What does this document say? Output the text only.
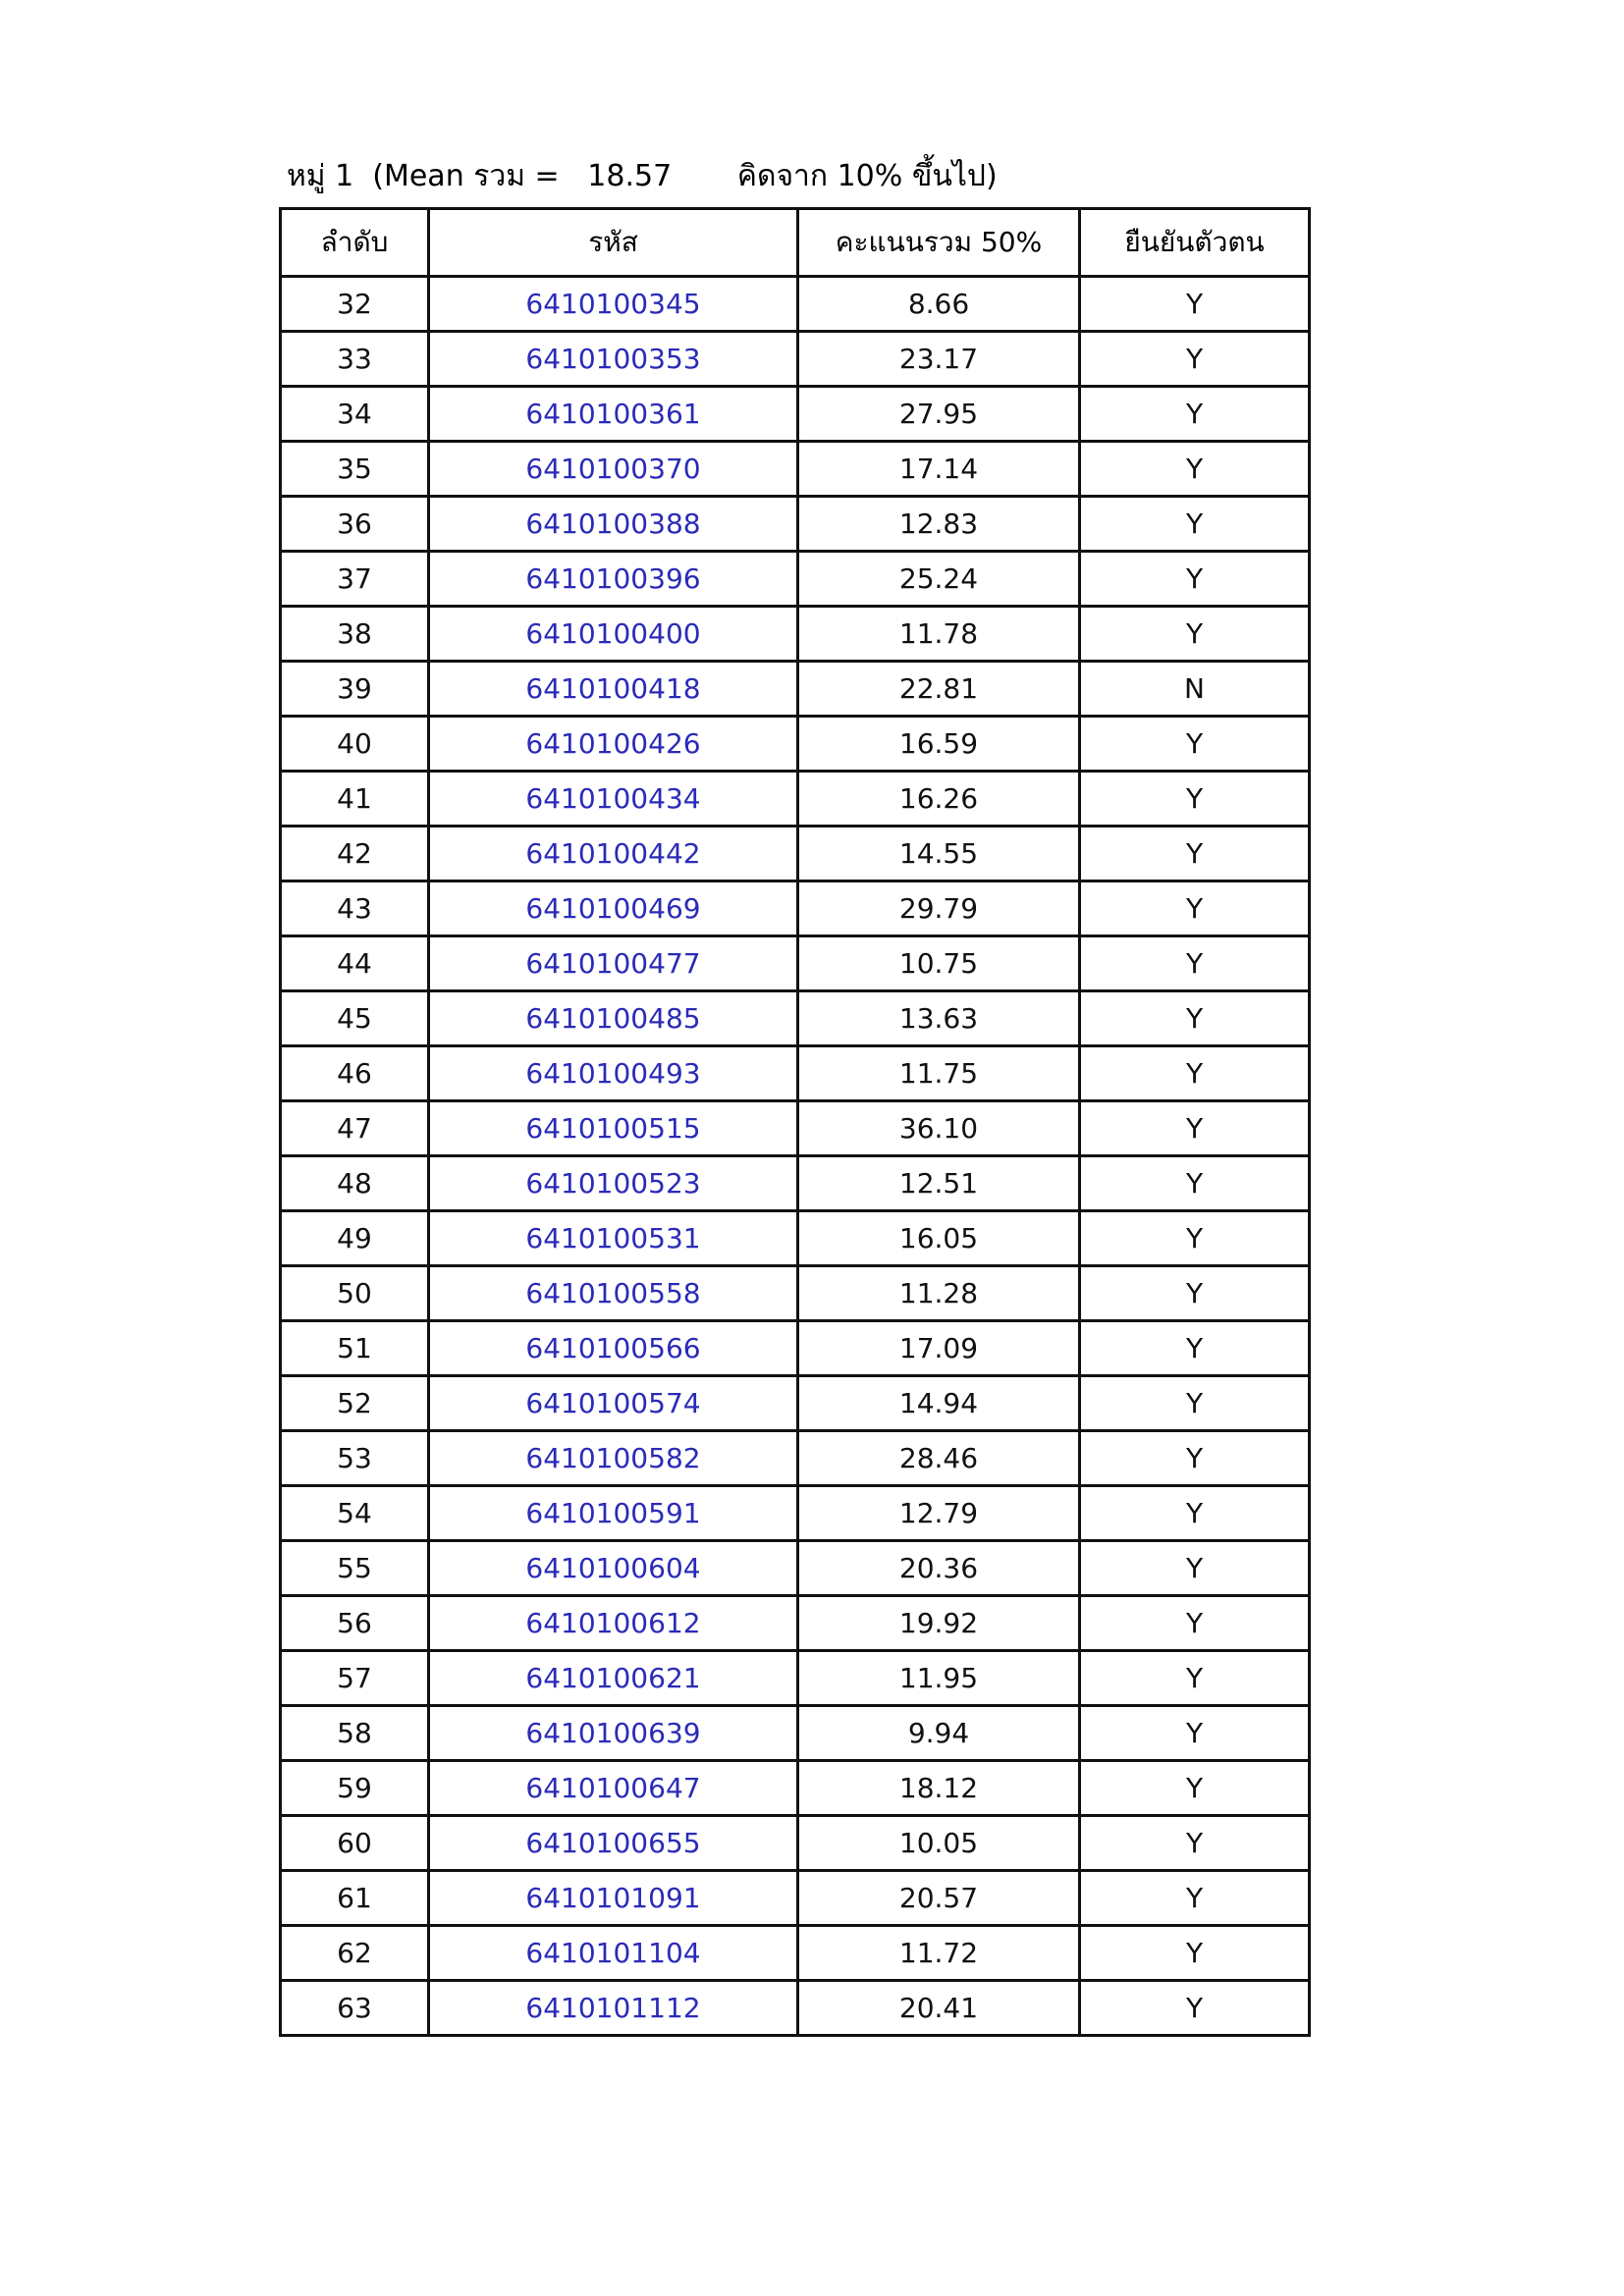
หมู่ 1 (Mean รวม = 18.57 คิดจาก 10% ขึ้นไป)
ลำดับ	รหัส	คะแนนรวม 50%	ยืนยันตัวตน
32	6410100345	8.66	Y
33	6410100353	23.17	Y
34	6410100361	27.95	Y
35	6410100370	17.14	Y
36	6410100388	12.83	Y
37	6410100396	25.24	Y
38	6410100400	11.78	Y
39	6410100418	22.81	N
40	6410100426	16.59	Y
41	6410100434	16.26	Y
42	6410100442	14.55	Y
43	6410100469	29.79	Y
44	6410100477	10.75	Y
45	6410100485	13.63	Y
46	6410100493	11.75	Y
47	6410100515	36.10	Y
48	6410100523	12.51	Y
49	6410100531	16.05	Y
50	6410100558	11.28	Y
51	6410100566	17.09	Y
52	6410100574	14.94	Y
53	6410100582	28.46	Y
54	6410100591	12.79	Y
55	6410100604	20.36	Y
56	6410100612	19.92	Y
57	6410100621	11.95	Y
58	6410100639	9.94	Y
59	6410100647	18.12	Y
60	6410100655	10.05	Y
61	6410101091	20.57	Y
62	6410101104	11.72	Y
63	6410101112	20.41	Y
